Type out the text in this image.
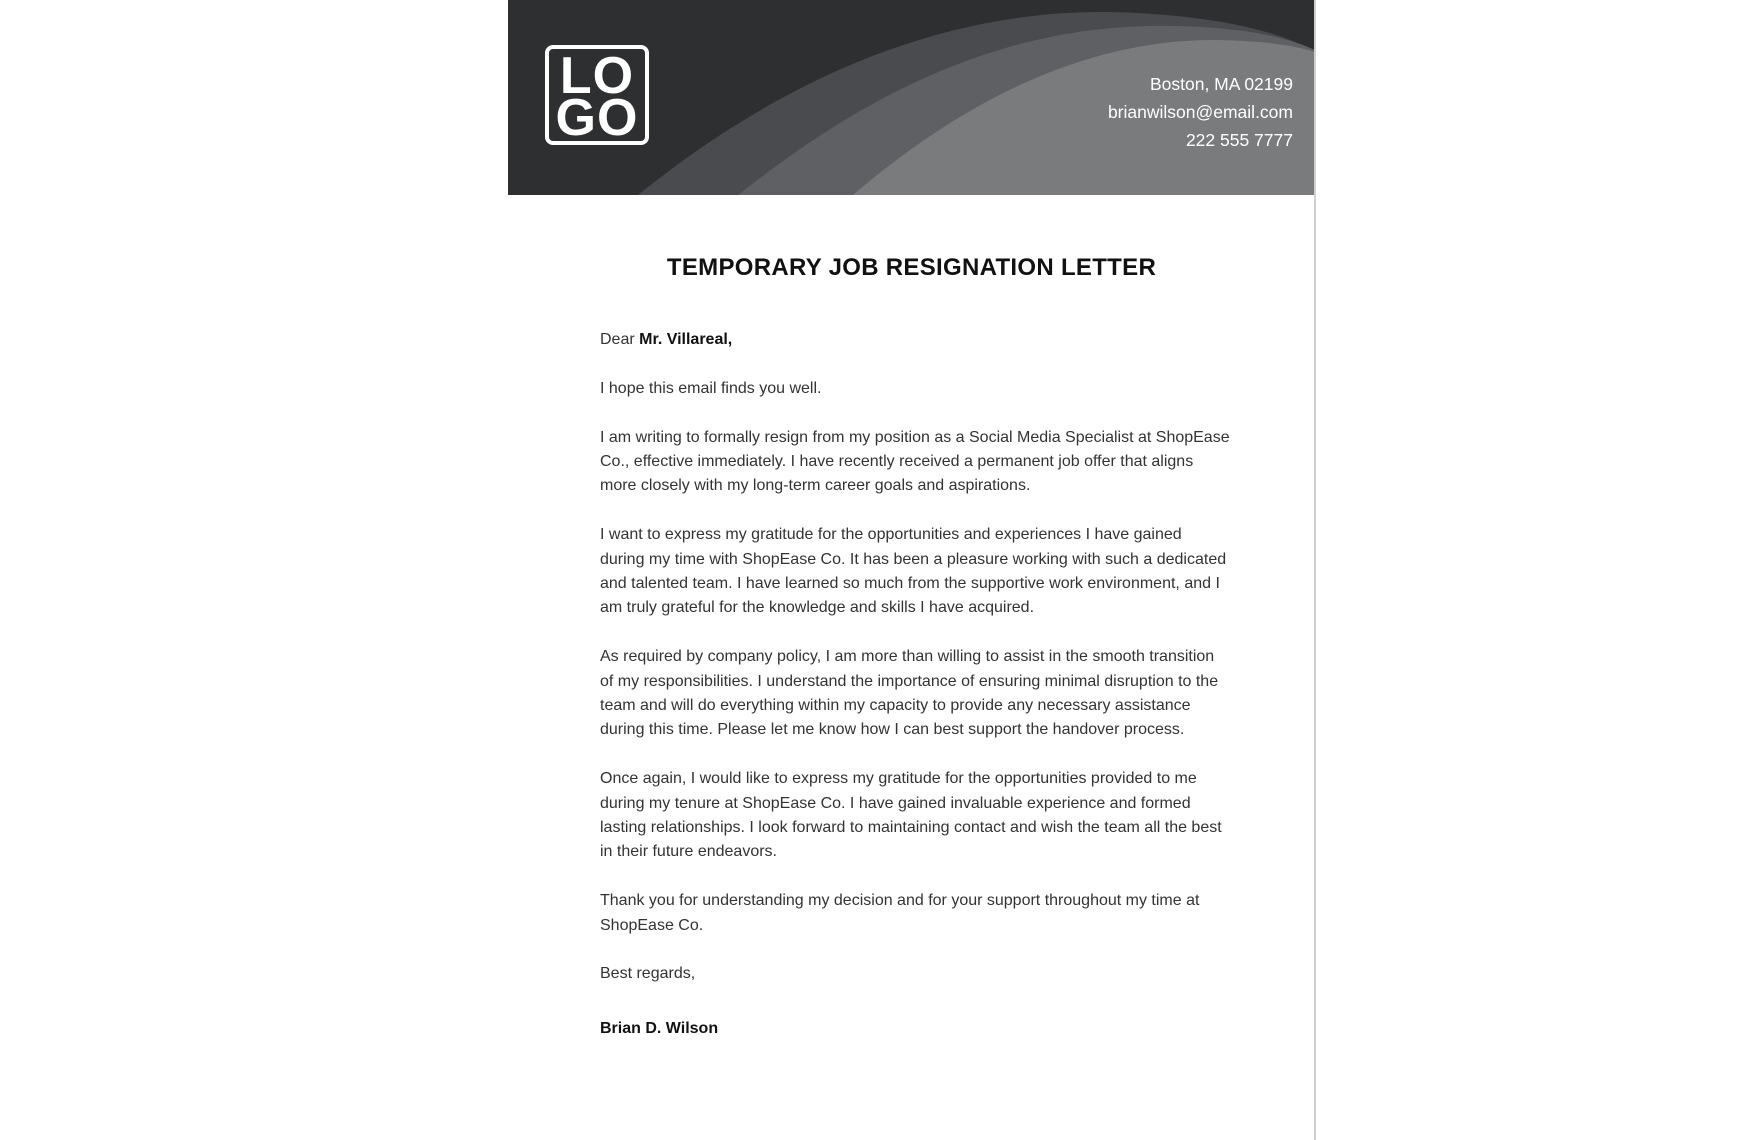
LO
GO
Boston, MA 02199
brianwilson@email.com
222 555 7777
TEMPORARY JOB RESIGNATION LETTER

Dear Mr. Villareal,

I hope this email finds you well.

I am writing to formally resign from my position as a Social Media Specialist at ShopEase Co., effective immediately. I have recently received a permanent job offer that aligns more closely with my long-term career goals and aspirations.

I want to express my gratitude for the opportunities and experiences I have gained during my time with ShopEase Co. It has been a pleasure working with such a dedicated and talented team. I have learned so much from the supportive work environment, and I am truly grateful for the knowledge and skills I have acquired.

As required by company policy, I am more than willing to assist in the smooth transition of my responsibilities. I understand the importance of ensuring minimal disruption to the team and will do everything within my capacity to provide any necessary assistance during this time. Please let me know how I can best support the handover process.

Once again, I would like to express my gratitude for the opportunities provided to me during my tenure at ShopEase Co. I have gained invaluable experience and formed lasting relationships. I look forward to maintaining contact and wish the team all the best in their future endeavors.

Thank you for understanding my decision and for your support throughout my time at ShopEase Co.

Best regards,

Brian D. Wilson
